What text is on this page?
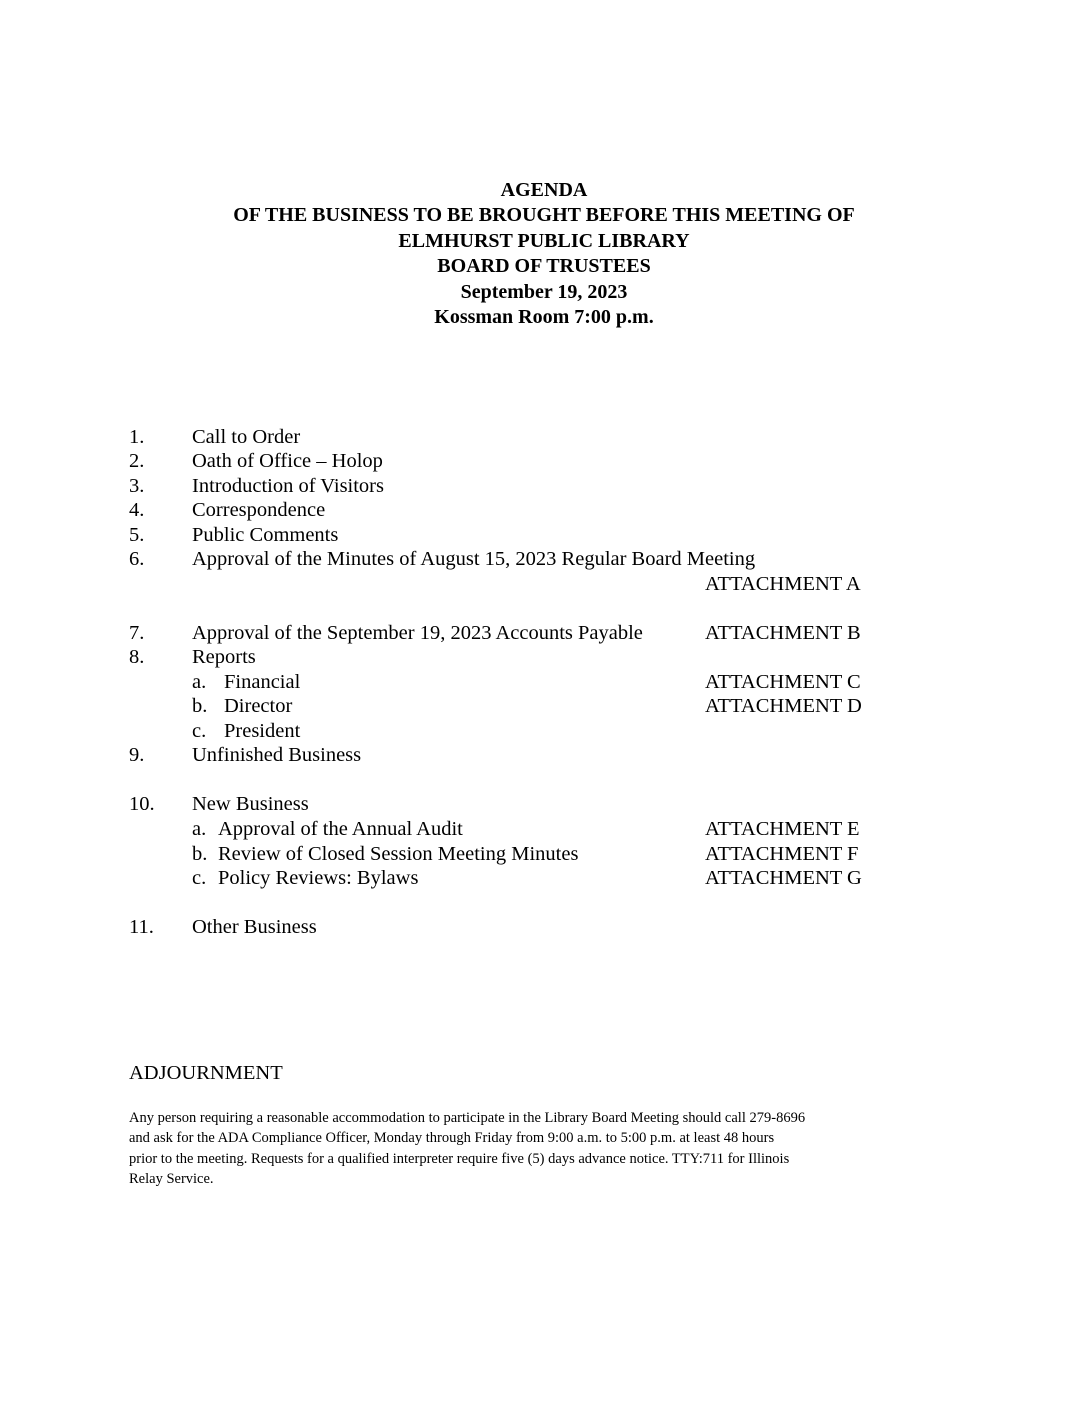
AGENDA
OF THE BUSINESS TO BE BROUGHT BEFORE THIS MEETING OF
ELMHURST PUBLIC LIBRARY
BOARD OF TRUSTEES
September 19, 2023
Kossman Room 7:00 p.m.
1. Call to Order
2. Oath of Office – Holop
3. Introduction of Visitors
4. Correspondence
5. Public Comments
6. Approval of the Minutes of August 15, 2023 Regular Board Meeting
ATTACHMENT A
7. Approval of the September 19, 2023 Accounts Payable	ATTACHMENT B
8. Reports
a. Financial	ATTACHMENT C
b. Director	ATTACHMENT D
c. President
9. Unfinished Business
10. New Business
a. Approval of the Annual Audit	ATTACHMENT E
b. Review of Closed Session Meeting Minutes	ATTACHMENT F
c. Policy Reviews: Bylaws	ATTACHMENT G
11. Other Business
ADJOURNMENT
Any person requiring a reasonable accommodation to participate in the Library Board Meeting should call 279-8696
and ask for the ADA Compliance Officer, Monday through Friday from 9:00 a.m. to 5:00 p.m. at least 48 hours
prior to the meeting. Requests for a qualified interpreter require five (5) days advance notice. TTY:711 for Illinois
Relay Service.
